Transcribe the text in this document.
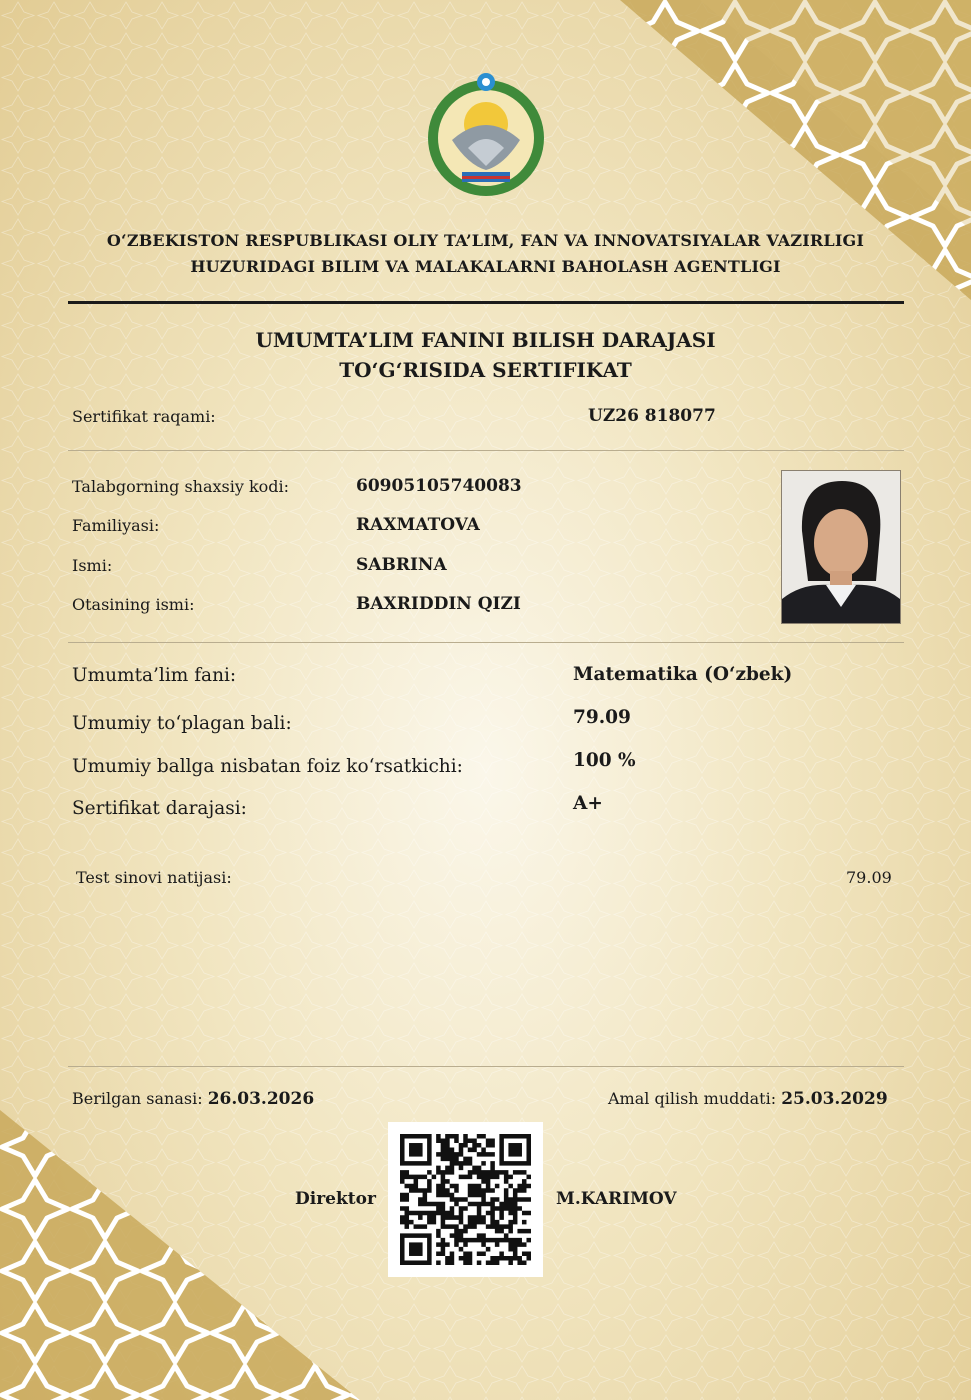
O‘ZBEKISTON RESPUBLIKASI OLIY TA’LIM, FAN VA INNOVATSIYALAR VAZIRLIGI
HUZURIDAGI BILIM VA MALAKALARNI BAHOLASH AGENTLIGI
UMUMTA’LIM FANINI BILISH DARAJASI
TO‘G‘RISIDA SERTIFIKAT
Sertifikat raqami:	UZ26 818077
Talabgorning shaxsiy kodi:	60905105740083
Familiyasi:	RAXMATOVA
Ismi:	SABRINA
Otasining ismi:	BAXRIDDIN QIZI
Umumta’lim fani:	Matematika (O‘zbek)
Umumiy to‘plagan bali:	79.09
Umumiy ballga nisbatan foiz ko‘rsatkichi:	100 %
Sertifikat darajasi:	A+
Test sinovi natijasi:	79.09
Berilgan sanasi: 26.03.2026	Amal qilish muddati: 25.03.2029
Direktor	M.KARIMOV
